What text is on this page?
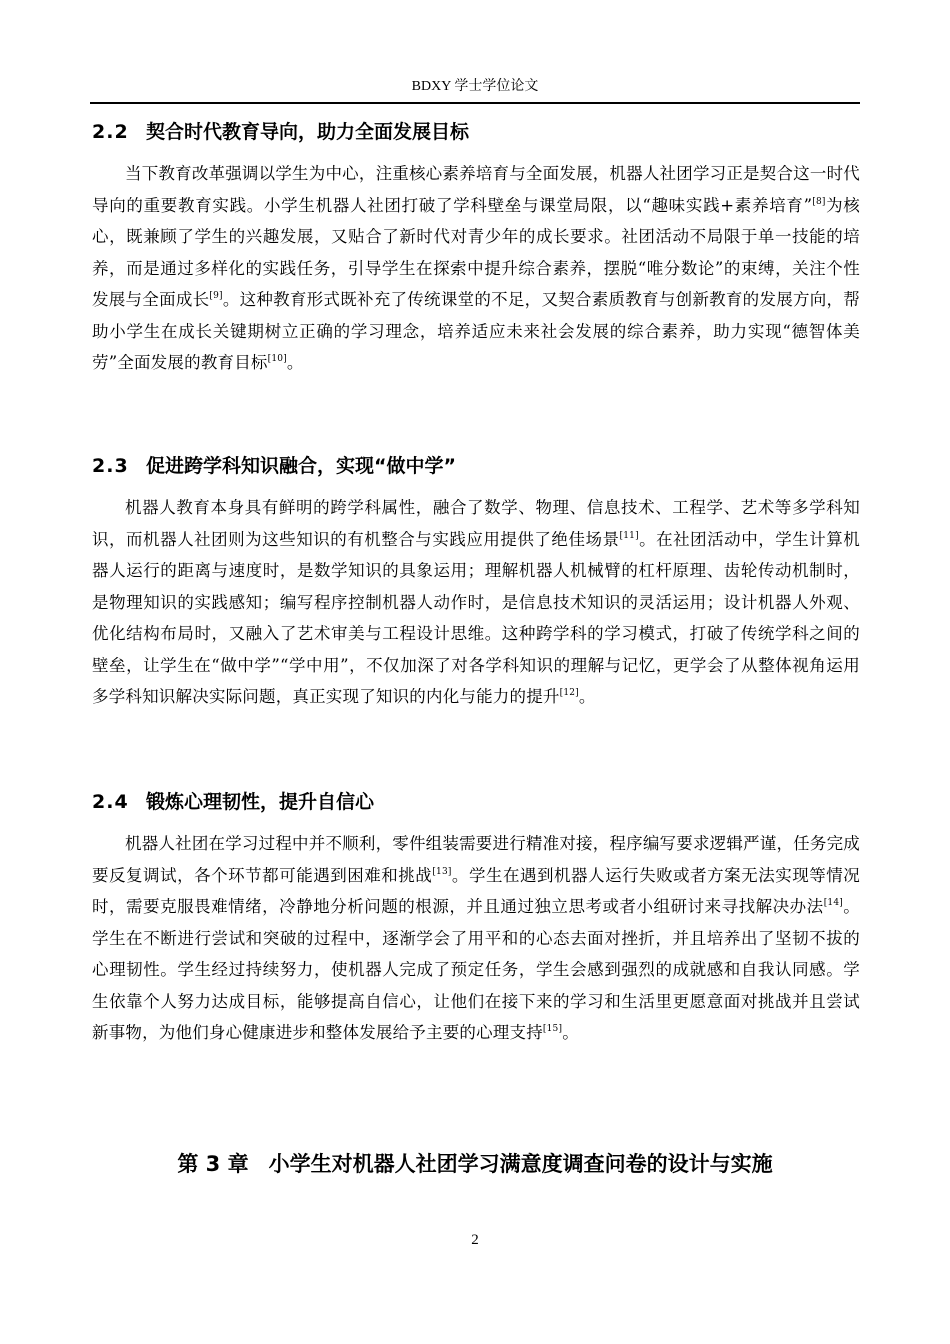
BDXY 学士学位论文
2.2 契合时代教育导向，助力全面发展目标

当下教育改革强调以学生为中心，注重核心素养培育与全面发展，机器人社团学习正是契合这一时代导向的重要教育实践。小学生机器人社团打破了学科壁垒与课堂局限，以“趣味实践+素养培育”[8]为核心，既兼顾了学生的兴趣发展，又贴合了新时代对青少年的成长要求。社团活动不局限于单一技能的培养，而是通过多样化的实践任务，引导学生在探索中提升综合素养，摆脱“唯分数论”的束缚，关注个性发展与全面成长[9]。这种教育形式既补充了传统课堂的不足，又契合素质教育与创新教育的发展方向，帮助小学生在成长关键期树立正确的学习理念，培养适应未来社会发展的综合素养，助力实现“德智体美劳”全面发展的教育目标[10]。

2.3 促进跨学科知识融合，实现“做中学”

机器人教育本身具有鲜明的跨学科属性，融合了数学、物理、信息技术、工程学、艺术等多学科知识，而机器人社团则为这些知识的有机整合与实践应用提供了绝佳场景[11]。在社团活动中，学生计算机器人运行的距离与速度时，是数学知识的具象运用；理解机器人机械臂的杠杆原理、齿轮传动机制时，是物理知识的实践感知；编写程序控制机器人动作时，是信息技术知识的灵活运用；设计机器人外观、优化结构布局时，又融入了艺术审美与工程设计思维。这种跨学科的学习模式，打破了传统学科之间的壁垒，让学生在“做中学”“学中用”，不仅加深了对各学科知识的理解与记忆，更学会了从整体视角运用多学科知识解决实际问题，真正实现了知识的内化与能力的提升[12]。

2.4 锻炼心理韧性，提升自信心

机器人社团在学习过程中并不顺利，零件组装需要进行精准对接，程序编写要求逻辑严谨，任务完成要反复调试，各个环节都可能遇到困难和挑战[13]。学生在遇到机器人运行失败或者方案无法实现等情况时，需要克服畏难情绪，冷静地分析问题的根源，并且通过独立思考或者小组研讨来寻找解决办法[14]。学生在不断进行尝试和突破的过程中，逐渐学会了用平和的心态去面对挫折，并且培养出了坚韧不拔的心理韧性。学生经过持续努力，使机器人完成了预定任务，学生会感到强烈的成就感和自我认同感。学生依靠个人努力达成目标，能够提高自信心，让他们在接下来的学习和生活里更愿意面对挑战并且尝试新事物，为他们身心健康进步和整体发展给予主要的心理支持[15]。

第 3 章 小学生对机器人社团学习满意度调查问卷的设计与实施
2
